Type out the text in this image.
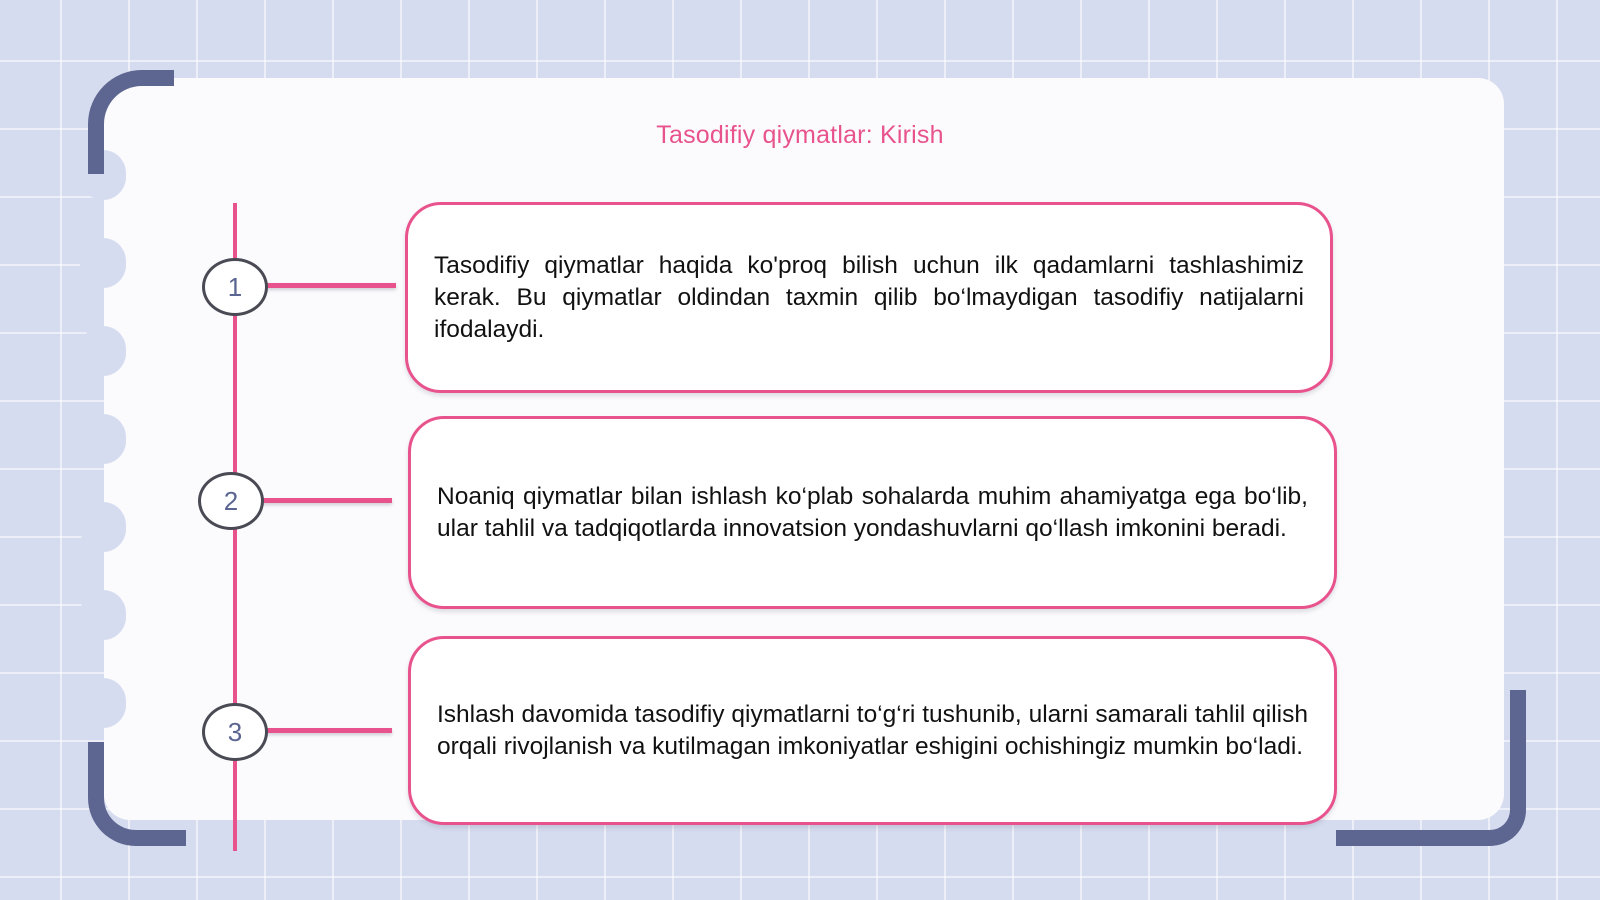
Tasodifiy qiymatlar: Kirish
1

Tasodifiy qiymatlar haqida ko'proq bilish uchun ilk qadamlarni tashlashimiz kerak. Bu qiymatlar oldindan taxmin qilib bo‘lmaydigan tasodifiy natijalarni ifodalaydi.

2	Noaniq qiymatlar bilan ishlash ko‘plab sohalarda muhim ahamiyatga ega bo‘lib, ular tahlil va tadqiqotlarda innovatsion yondashuvlarni qo‘llash imkonini beradi.

3

Ishlash davomida tasodifiy qiymatlarni to‘g‘ri tushunib, ularni samarali tahlil qilish orqali rivojlanish va kutilmagan imkoniyatlar eshigini ochishingiz mumkin bo‘ladi.
